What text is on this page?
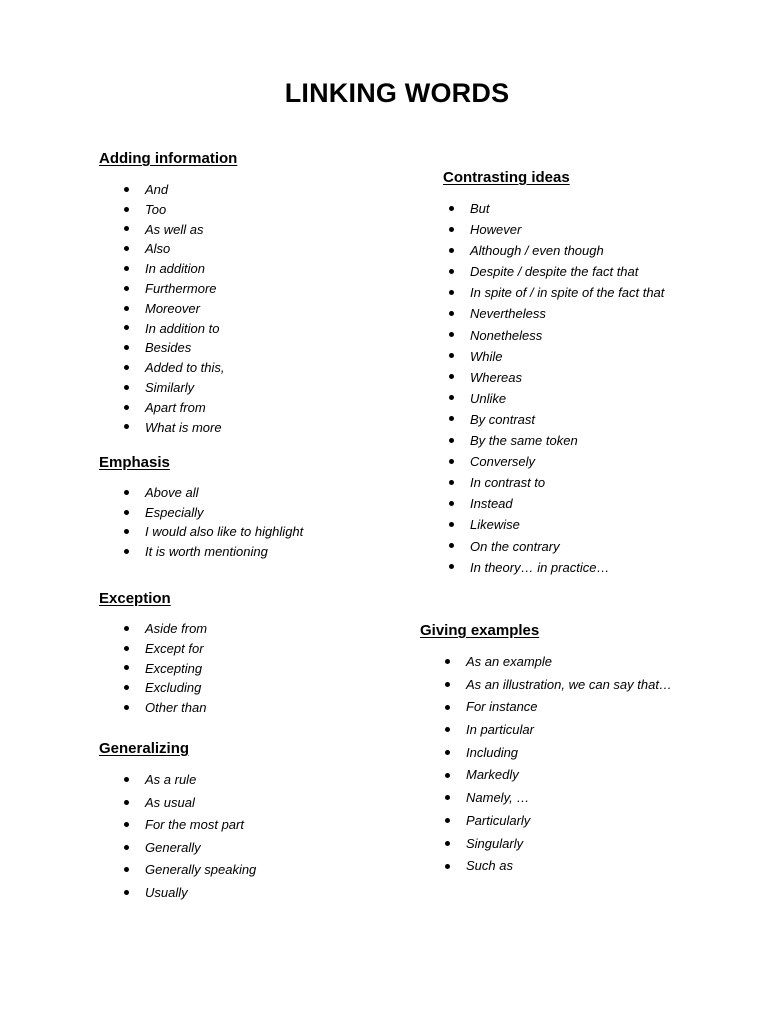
LINKING WORDS
Adding information
And
Too
As well as
Also
In addition
Furthermore
Moreover
In addition to
Besides
Added to this,
Similarly
Apart from
What is more
Emphasis
Above all
Especially
I would also like to highlight
It is worth mentioning
Exception
Aside from
Except for
Excepting
Excluding
Other than
Generalizing
As a rule
As usual
For the most part
Generally
Generally speaking
Usually
Contrasting ideas
But
However
Although / even though
Despite / despite the fact that
In spite of / in spite of the fact that
Nevertheless
Nonetheless
While
Whereas
Unlike
By contrast
By the same token
Conversely
In contrast to
Instead
Likewise
On the contrary
In theory… in practice…
Giving examples
As an example
As an illustration, we can say that…
For instance
In particular
Including
Markedly
Namely, …
Particularly
Singularly
Such as
